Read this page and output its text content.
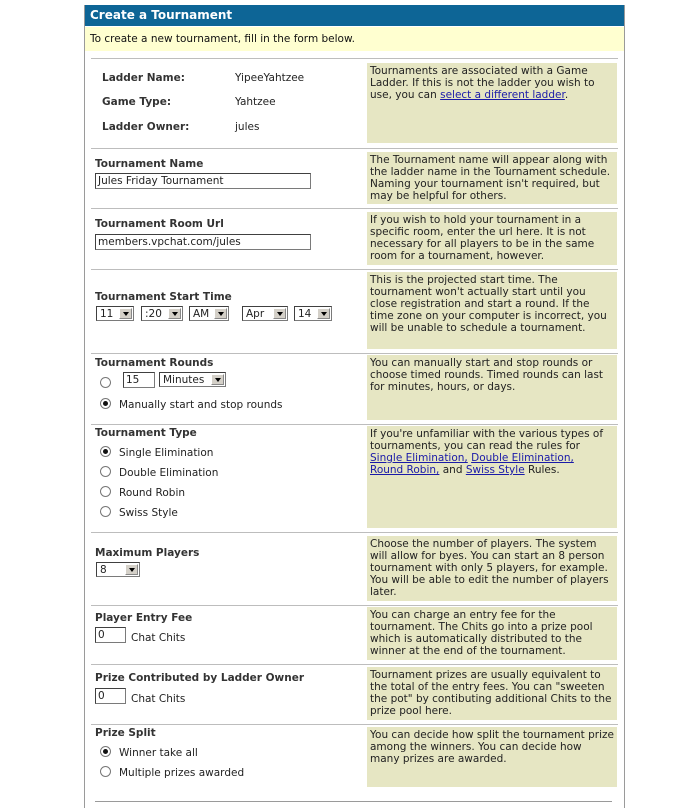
Create a Tournament
To create a new tournament, fill in the form below.
Ladder Name:	YipeeYahtzee
Game Type:	Yahtzee
Ladder Owner:	jules
Tournaments are associated with a Game Ladder. If this is not the ladder you wish to use, you can select a different ladder.
Tournament Name
Jules Friday Tournament
The Tournament name will appear along with the ladder name in the Tournament schedule. Naming your tournament isn't required, but may be helpful for others.
Tournament Room Url
members.vpchat.com/jules
If you wish to hold your tournament in a specific room, enter the url here. It is not necessary for all players to be in the same room for a tournament, however.
Tournament Start Time
11	:20	AM	Apr	14
This is the projected start time. The tournament won't actually start until you close registration and start a round. If the time zone on your computer is incorrect, you will be unable to schedule a tournament.
Tournament Rounds
15	Minutes
Manually start and stop rounds
You can manually start and stop rounds or choose timed rounds. Timed rounds can last for minutes, hours, or days.
Tournament Type
Single Elimination
Double Elimination
Round Robin
Swiss Style
If you're unfamiliar with the various types of tournaments, you can read the rules for
Single Elimination, Double Elimination,
Round Robin, and Swiss Style Rules.
Maximum Players
8
Choose the number of players. The system will allow for byes. You can start an 8 person tournament with only 5 players, for example. You will be able to edit the number of players later.
Player Entry Fee
0	Chat Chits
You can charge an entry fee for the tournament. The Chits go into a prize pool which is automatically distributed to the winner at the end of the tournament.
Prize Contributed by Ladder Owner
0	Chat Chits
Tournament prizes are usually equivalent to the total of the entry fees. You can "sweeten the pot" by contibuting additional Chits to the prize pool here.
Prize Split
Winner take all
Multiple prizes awarded
You can decide how split the tournament prize among the winners. You can decide how many prizes are awarded.
